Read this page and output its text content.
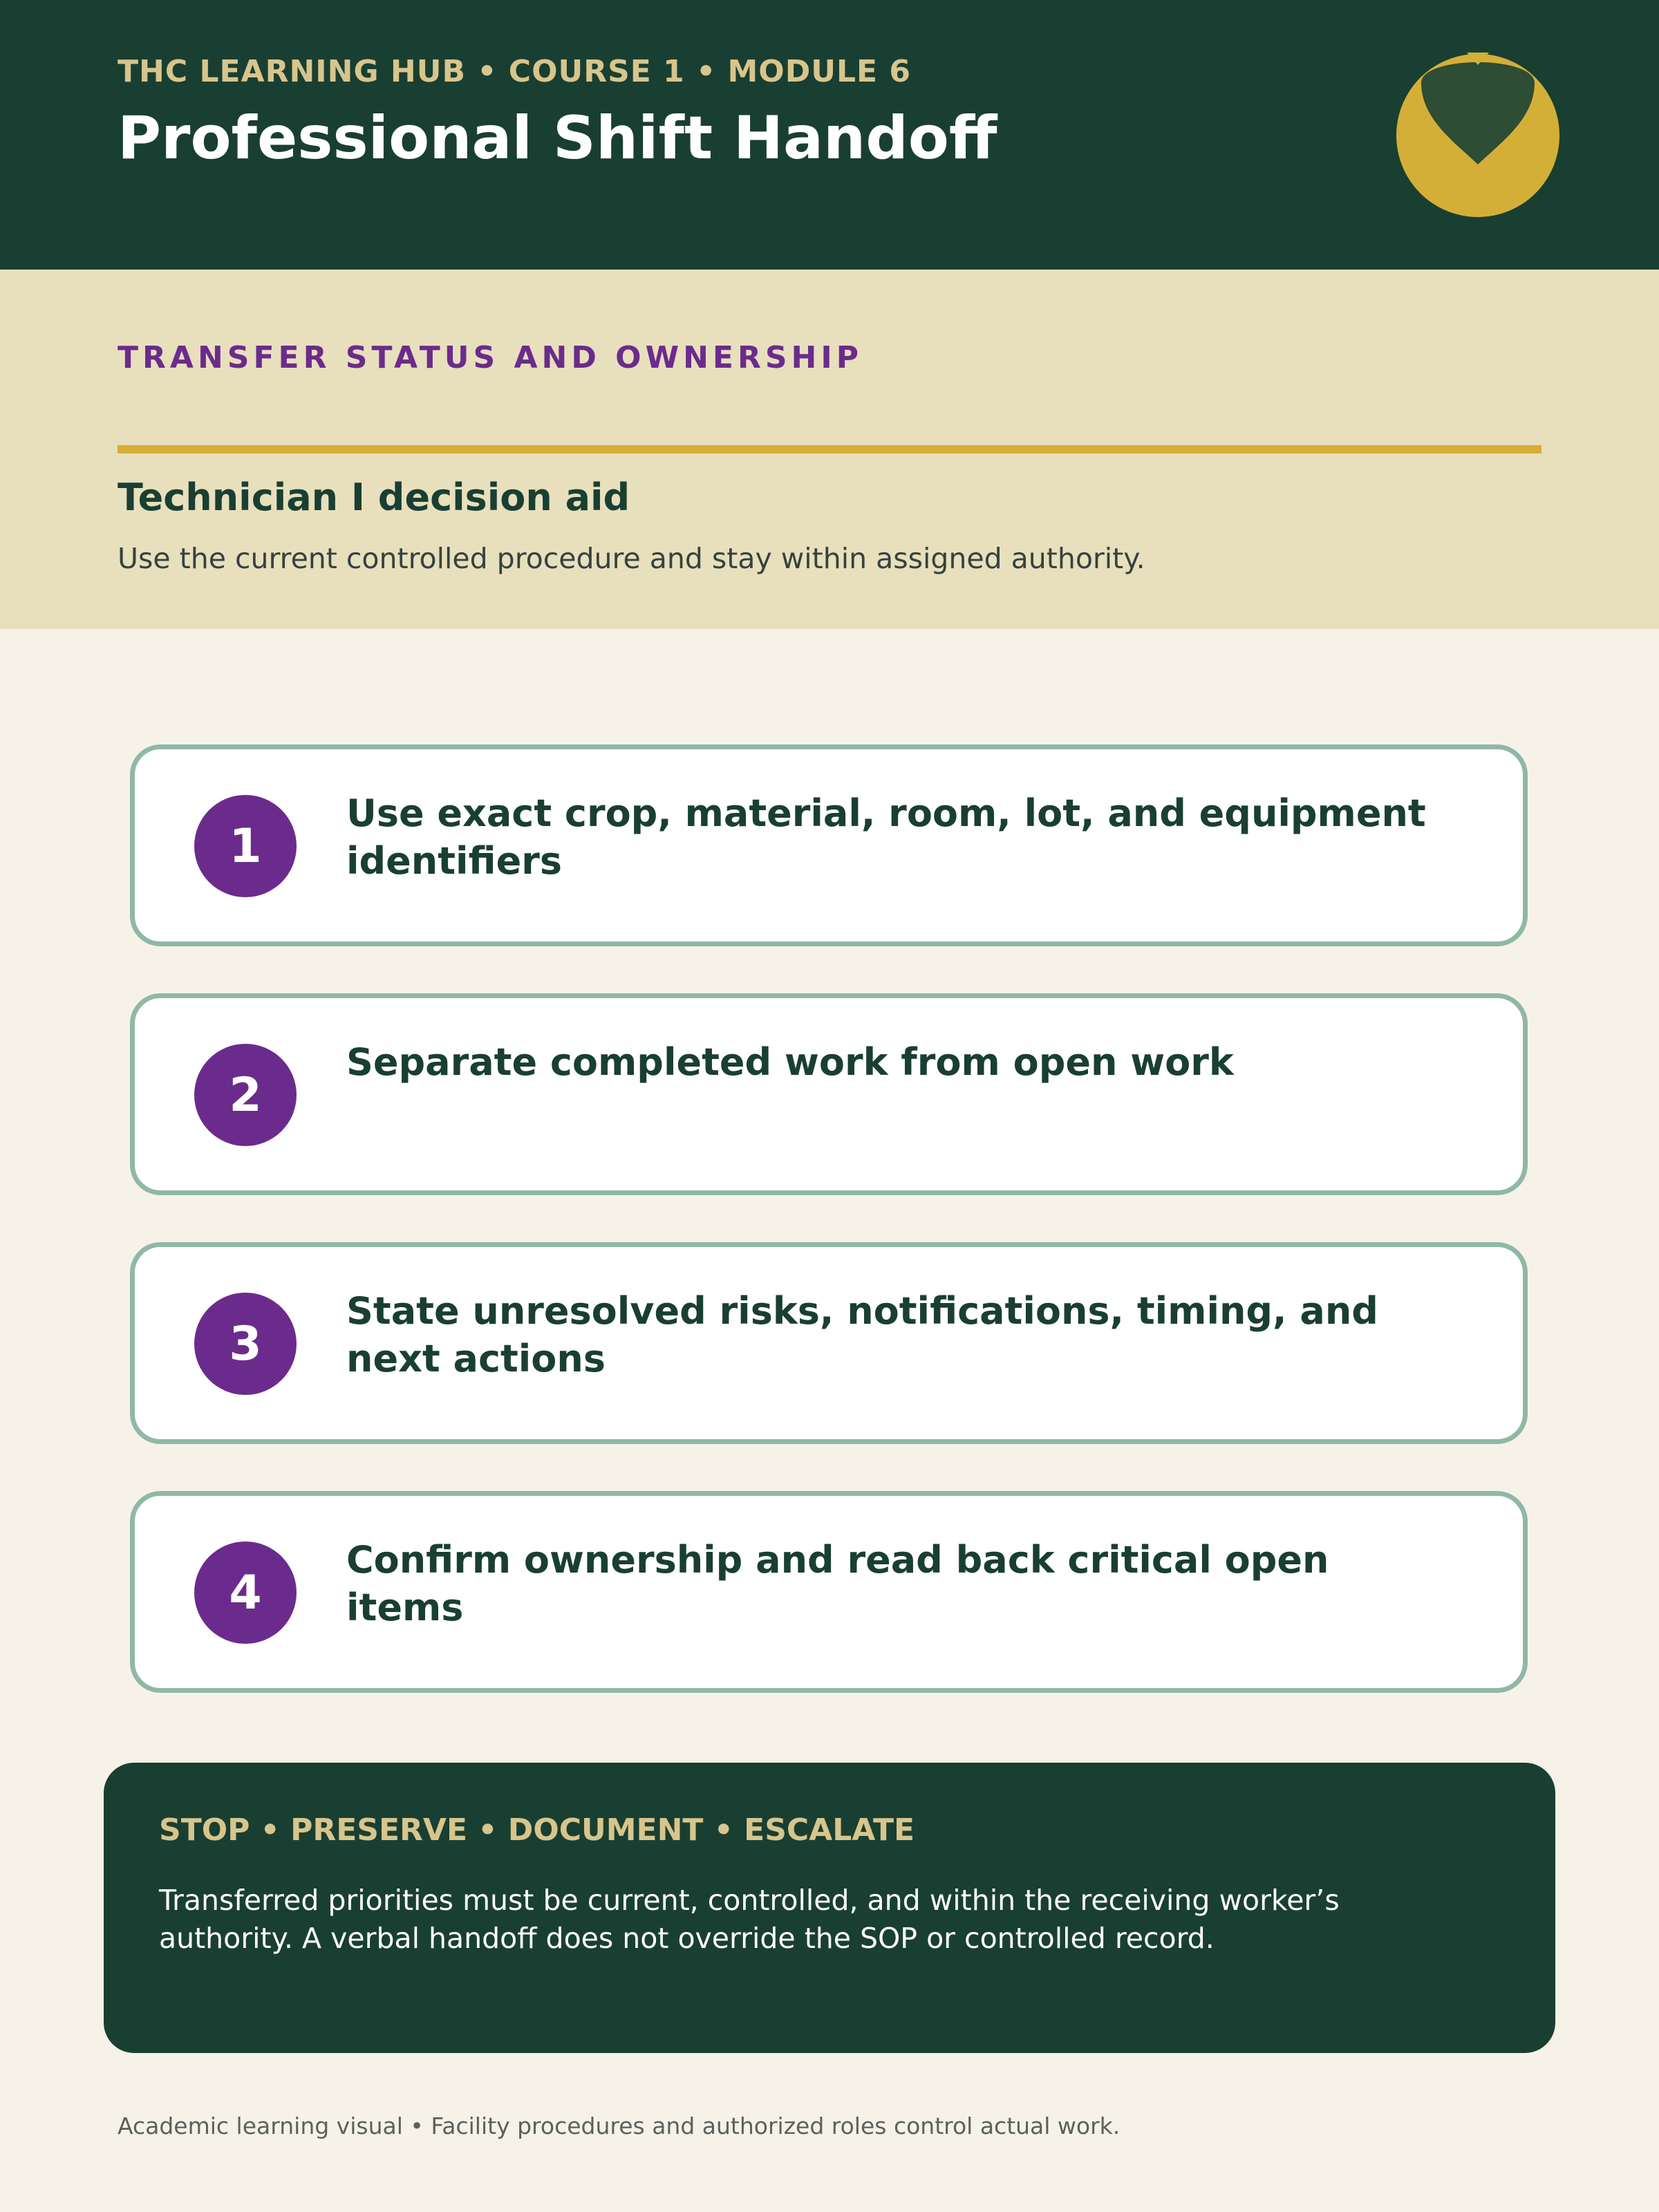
THC LEARNING HUB • COURSE 1 • MODULE 6
Professional Shift Handoff
TRANSFER STATUS AND OWNERSHIP
Technician I decision aid
Use the current controlled procedure and stay within assigned authority.
1
Use exact crop, material, room, lot, and equipment identifiers
2
Separate completed work from open work
3
State unresolved risks, notifications, timing, and next actions
4
Confirm ownership and read back critical open items
STOP • PRESERVE • DOCUMENT • ESCALATE
Transferred priorities must be current, controlled, and within the receiving worker’s authority. A verbal handoff does not override the SOP or controlled record.
Academic learning visual • Facility procedures and authorized roles control actual work.
